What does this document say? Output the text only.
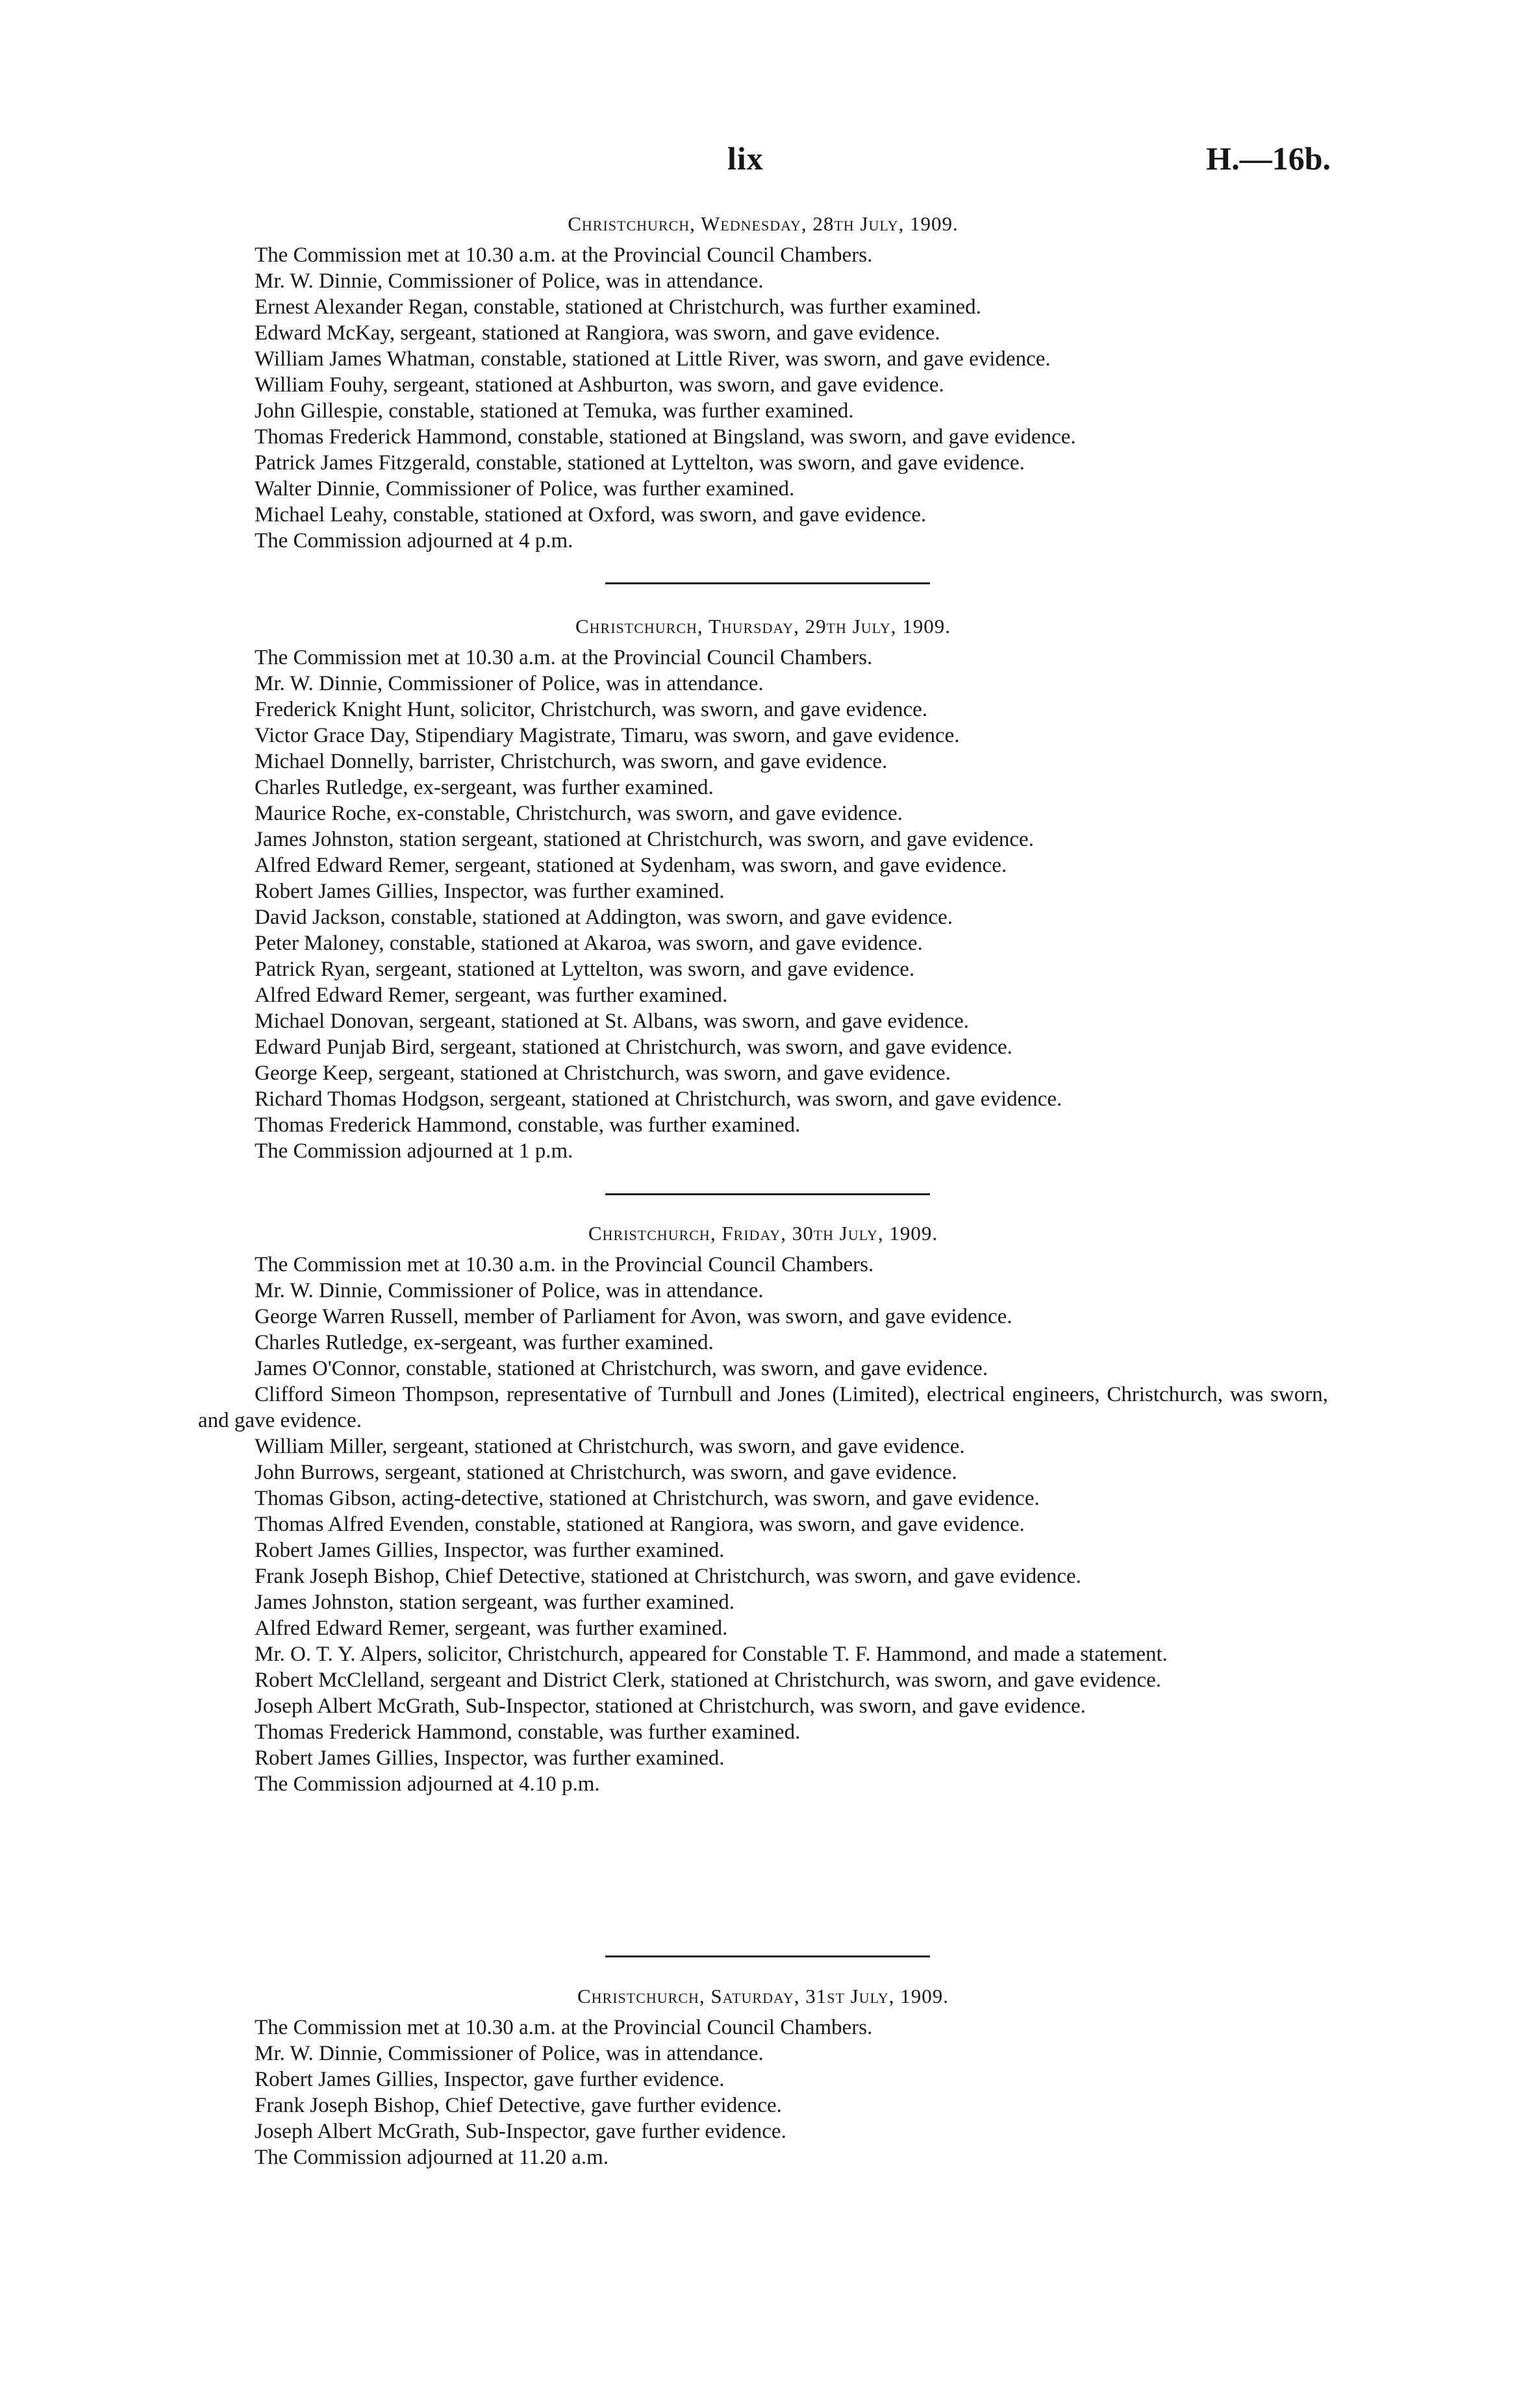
lix	H.—16b.
Christchurch, Wednesday, 28th July, 1909.
The Commission met at 10.30 a.m. at the Provincial Council Chambers.
Mr. W. Dinnie, Commissioner of Police, was in attendance.
Ernest Alexander Regan, constable, stationed at Christchurch, was further examined.
Edward McKay, sergeant, stationed at Rangiora, was sworn, and gave evidence.
William James Whatman, constable, stationed at Little River, was sworn, and gave evidence.
William Fouhy, sergeant, stationed at Ashburton, was sworn, and gave evidence.
John Gillespie, constable, stationed at Temuka, was further examined.
Thomas Frederick Hammond, constable, stationed at Bingsland, was sworn, and gave evidence.
Patrick James Fitzgerald, constable, stationed at Lyttelton, was sworn, and gave evidence.
Walter Dinnie, Commissioner of Police, was further examined.
Michael Leahy, constable, stationed at Oxford, was sworn, and gave evidence.
The Commission adjourned at 4 p.m.
Christchurch, Thursday, 29th July, 1909.
The Commission met at 10.30 a.m. at the Provincial Council Chambers.
Mr. W. Dinnie, Commissioner of Police, was in attendance.
Frederick Knight Hunt, solicitor, Christchurch, was sworn, and gave evidence.
Victor Grace Day, Stipendiary Magistrate, Timaru, was sworn, and gave evidence.
Michael Donnelly, barrister, Christchurch, was sworn, and gave evidence.
Charles Rutledge, ex-sergeant, was further examined.
Maurice Roche, ex-constable, Christchurch, was sworn, and gave evidence.
James Johnston, station sergeant, stationed at Christchurch, was sworn, and gave evidence.
Alfred Edward Remer, sergeant, stationed at Sydenham, was sworn, and gave evidence.
Robert James Gillies, Inspector, was further examined.
David Jackson, constable, stationed at Addington, was sworn, and gave evidence.
Peter Maloney, constable, stationed at Akaroa, was sworn, and gave evidence.
Patrick Ryan, sergeant, stationed at Lyttelton, was sworn, and gave evidence.
Alfred Edward Remer, sergeant, was further examined.
Michael Donovan, sergeant, stationed at St. Albans, was sworn, and gave evidence.
Edward Punjab Bird, sergeant, stationed at Christchurch, was sworn, and gave evidence.
George Keep, sergeant, stationed at Christchurch, was sworn, and gave evidence.
Richard Thomas Hodgson, sergeant, stationed at Christchurch, was sworn, and gave evidence.
Thomas Frederick Hammond, constable, was further examined.
The Commission adjourned at 1 p.m.
Christchurch, Friday, 30th July, 1909.
The Commission met at 10.30 a.m. in the Provincial Council Chambers.
Mr. W. Dinnie, Commissioner of Police, was in attendance.
George Warren Russell, member of Parliament for Avon, was sworn, and gave evidence.
Charles Rutledge, ex-sergeant, was further examined.
James O'Connor, constable, stationed at Christchurch, was sworn, and gave evidence.
Clifford Simeon Thompson, representative of Turnbull and Jones (Limited), electrical engineers, Christchurch, was sworn, and gave evidence.
William Miller, sergeant, stationed at Christchurch, was sworn, and gave evidence.
John Burrows, sergeant, stationed at Christchurch, was sworn, and gave evidence.
Thomas Gibson, acting-detective, stationed at Christchurch, was sworn, and gave evidence.
Thomas Alfred Evenden, constable, stationed at Rangiora, was sworn, and gave evidence.
Robert James Gillies, Inspector, was further examined.
Frank Joseph Bishop, Chief Detective, stationed at Christchurch, was sworn, and gave evidence.
James Johnston, station sergeant, was further examined.
Alfred Edward Remer, sergeant, was further examined.
Mr. O. T. Y. Alpers, solicitor, Christchurch, appeared for Constable T. F. Hammond, and made a statement.
Robert McClelland, sergeant and District Clerk, stationed at Christchurch, was sworn, and gave evidence.
Joseph Albert McGrath, Sub-Inspector, stationed at Christchurch, was sworn, and gave evidence.
Thomas Frederick Hammond, constable, was further examined.
Robert James Gillies, Inspector, was further examined.
The Commission adjourned at 4.10 p.m.
Christchurch, Saturday, 31st July, 1909.
The Commission met at 10.30 a.m. at the Provincial Council Chambers.
Mr. W. Dinnie, Commissioner of Police, was in attendance.
Robert James Gillies, Inspector, gave further evidence.
Frank Joseph Bishop, Chief Detective, gave further evidence.
Joseph Albert McGrath, Sub-Inspector, gave further evidence.
The Commission adjourned at 11.20 a.m.
